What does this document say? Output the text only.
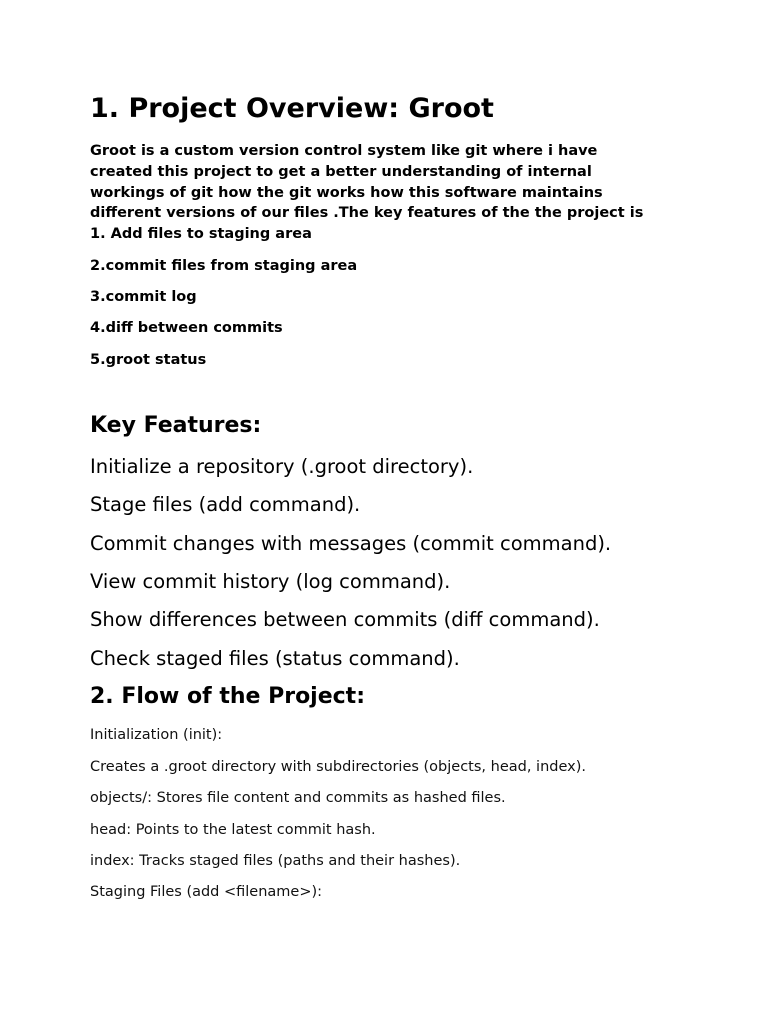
1. Project Overview: Groot
Groot is a custom version control system like git where i have
created this project to get a better understanding of internal
workings of git how the git works how this software maintains
different versions of our files .The key features of the the project is
1. Add files to staging area

2.commit files from staging area

3.commit log

4.diff between commits

5.groot status

Key Features:

Initialize a repository (.groot directory).

Stage files (add command).

Commit changes with messages (commit command).

View commit history (log command).

Show differences between commits (diff command).

Check staged files (status command).

2. Flow of the Project:

Initialization (init):

Creates a .groot directory with subdirectories (objects, head, index).

objects/: Stores file content and commits as hashed files.

head: Points to the latest commit hash.

index: Tracks staged files (paths and their hashes).

Staging Files (add <filename>):
